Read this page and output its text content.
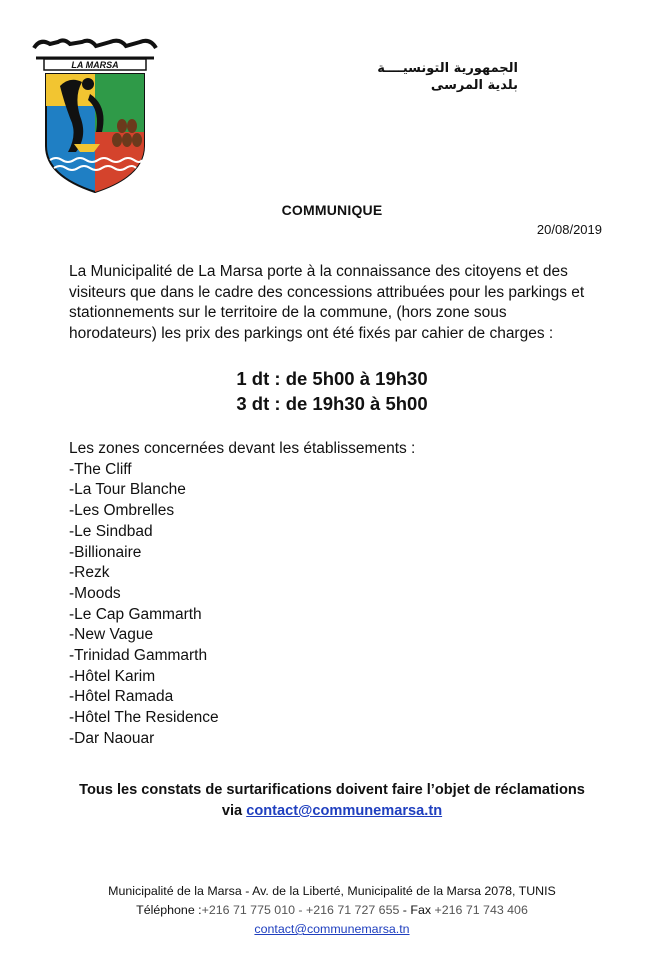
LA MARSA	الجمهورية التونسيــــة
بلدية المرسى
COMMUNIQUE
20/08/2019
La Municipalité de La Marsa porte à la connaissance des citoyens et des visiteurs que dans le cadre des concessions attribuées pour les parkings et stationnements sur le territoire de la commune, (hors zone sous horodateurs) les prix des parkings ont été fixés par cahier de charges :
1 dt : de 5h00 à 19h30
3 dt : de 19h30 à 5h00
Les zones concernées devant les établissements :
-The Cliff
-La Tour Blanche
-Les Ombrelles
-Le Sindbad
-Billionaire
-Rezk
-Moods
-Le Cap Gammarth
-New Vague
-Trinidad Gammarth
-Hôtel Karim
-Hôtel Ramada
-Hôtel The Residence
-Dar Naouar
Tous les constats de surtarifications doivent faire l’objet de réclamations
via contact@communemarsa.tn
Municipalité de la Marsa - Av. de la Liberté, Municipalité de la Marsa 2078, TUNIS
Téléphone :+216 71 775 010 - +216 71 727 655 - Fax +216 71 743 406
contact@communemarsa.tn
